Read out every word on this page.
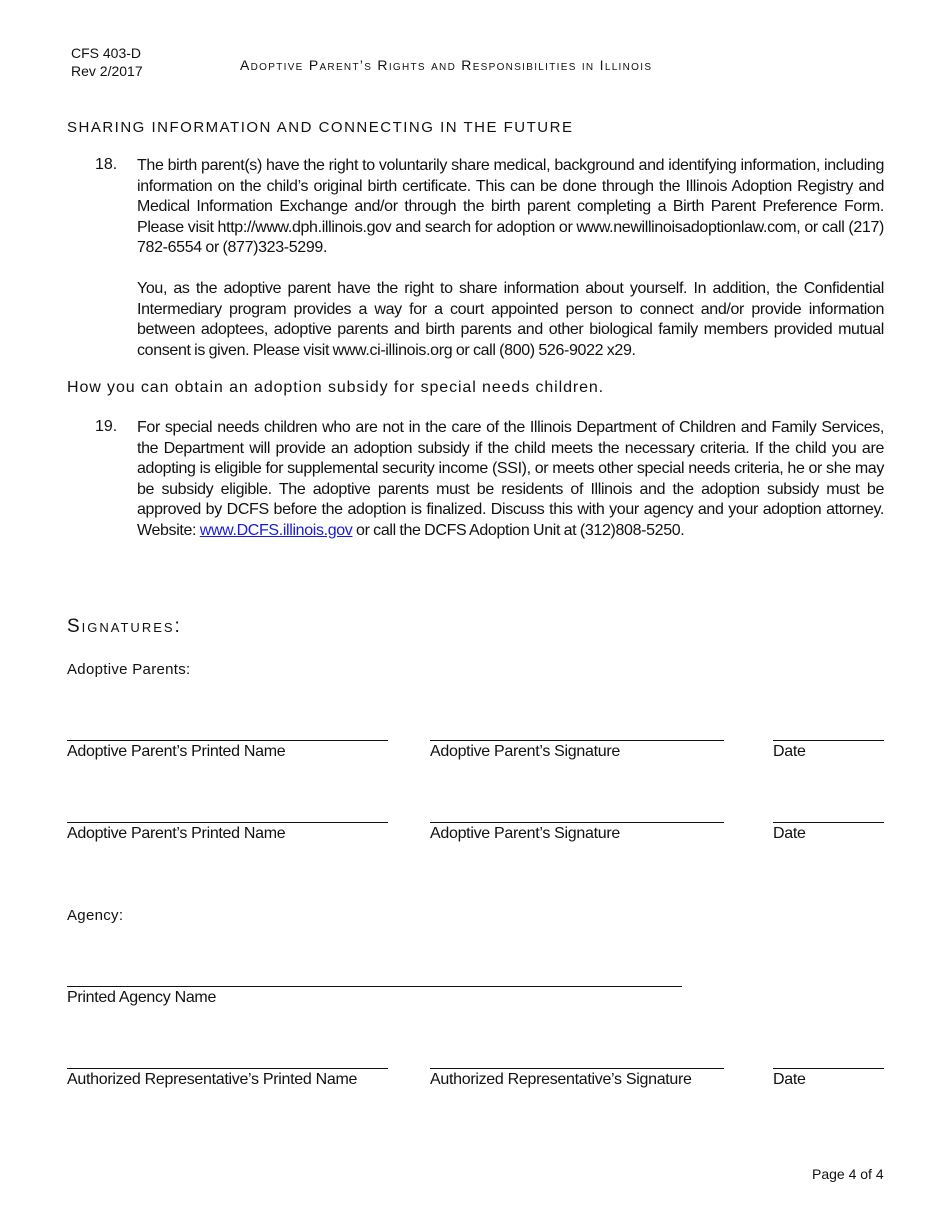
CFS 403-D
Rev 2/2017	Adoptive Parent’s Rights and Responsibilities in Illinois
SHARING INFORMATION AND CONNECTING IN THE FUTURE
18. The birth parent(s) have the right to voluntarily share medical, background and identifying information, including information on the child’s original birth certificate. This can be done through the Illinois Adoption Registry and Medical Information Exchange and/or through the birth parent completing a Birth Parent Preference Form. Please visit http://www.dph.illinois.gov and search for adoption or www.newillinoisadoptionlaw.com, or call (217) 782-6554 or (877)323-5299.
You, as the adoptive parent have the right to share information about yourself. In addition, the Confidential Intermediary program provides a way for a court appointed person to connect and/or provide information between adoptees, adoptive parents and birth parents and other biological family members provided mutual consent is given. Please visit www.ci-illinois.org or call (800) 526-9022 x29.
How you can obtain an adoption subsidy for special needs children.
19. For special needs children who are not in the care of the Illinois Department of Children and Family Services, the Department will provide an adoption subsidy if the child meets the necessary criteria. If the child you are adopting is eligible for supplemental security income (SSI), or meets other special needs criteria, he or she may be subsidy eligible. The adoptive parents must be residents of Illinois and the adoption subsidy must be approved by DCFS before the adoption is finalized. Discuss this with your agency and your adoption attorney. Website: www.DCFS.illinois.gov or call the DCFS Adoption Unit at (312)808-5250.
Signatures:
Adoptive Parents:
Adoptive Parent’s Printed Name	Adoptive Parent’s Signature	Date
Adoptive Parent’s Printed Name	Adoptive Parent’s Signature	Date
Agency:
Printed Agency Name
Authorized Representative’s Printed Name	Authorized Representative’s Signature	Date
Page 4 of 4
